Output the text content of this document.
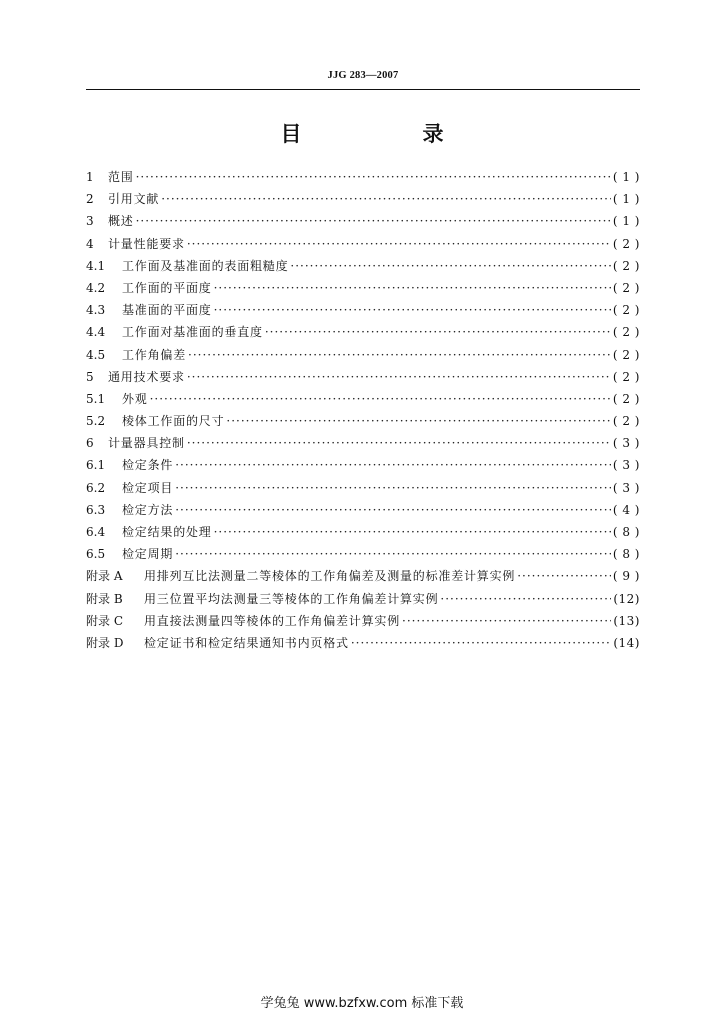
JJG 283—2007
目　录
1	范围 ·····	( 1 )
2	引用文献 ·····	( 1 )
3	概述 ·····	( 1 )
4	计量性能要求 ·····	( 2 )
4.1	工作面及基准面的表面粗糙度 ·····	( 2 )
4.2	工作面的平面度 ·····	( 2 )
4.3	基准面的平面度 ·····	( 2 )
4.4	工作面对基准面的垂直度 ·····	( 2 )
4.5	工作角偏差 ·····	( 2 )
5	通用技术要求 ·····	( 2 )
5.1	外观 ·····	( 2 )
5.2	棱体工作面的尺寸 ·····	( 2 )
6	计量器具控制 ·····	( 3 )
6.1	检定条件 ·····	( 3 )
6.2	检定项目 ·····	( 3 )
6.3	检定方法 ·····	( 4 )
6.4	检定结果的处理 ·····	( 8 )
6.5	检定周期 ·····	( 8 )
附录 A	用排列互比法测量二等棱体的工作角偏差及测量的标准差计算实例 ·····	( 9 )
附录 B	用三位置平均法测量三等棱体的工作角偏差计算实例 ·····	(12)
附录 C	用直接法测量四等棱体的工作角偏差计算实例 ·····	(13)
附录 D	检定证书和检定结果通知书内页格式 ·····	(14)
学兔兔 www.bzfxw.com 标准下载
